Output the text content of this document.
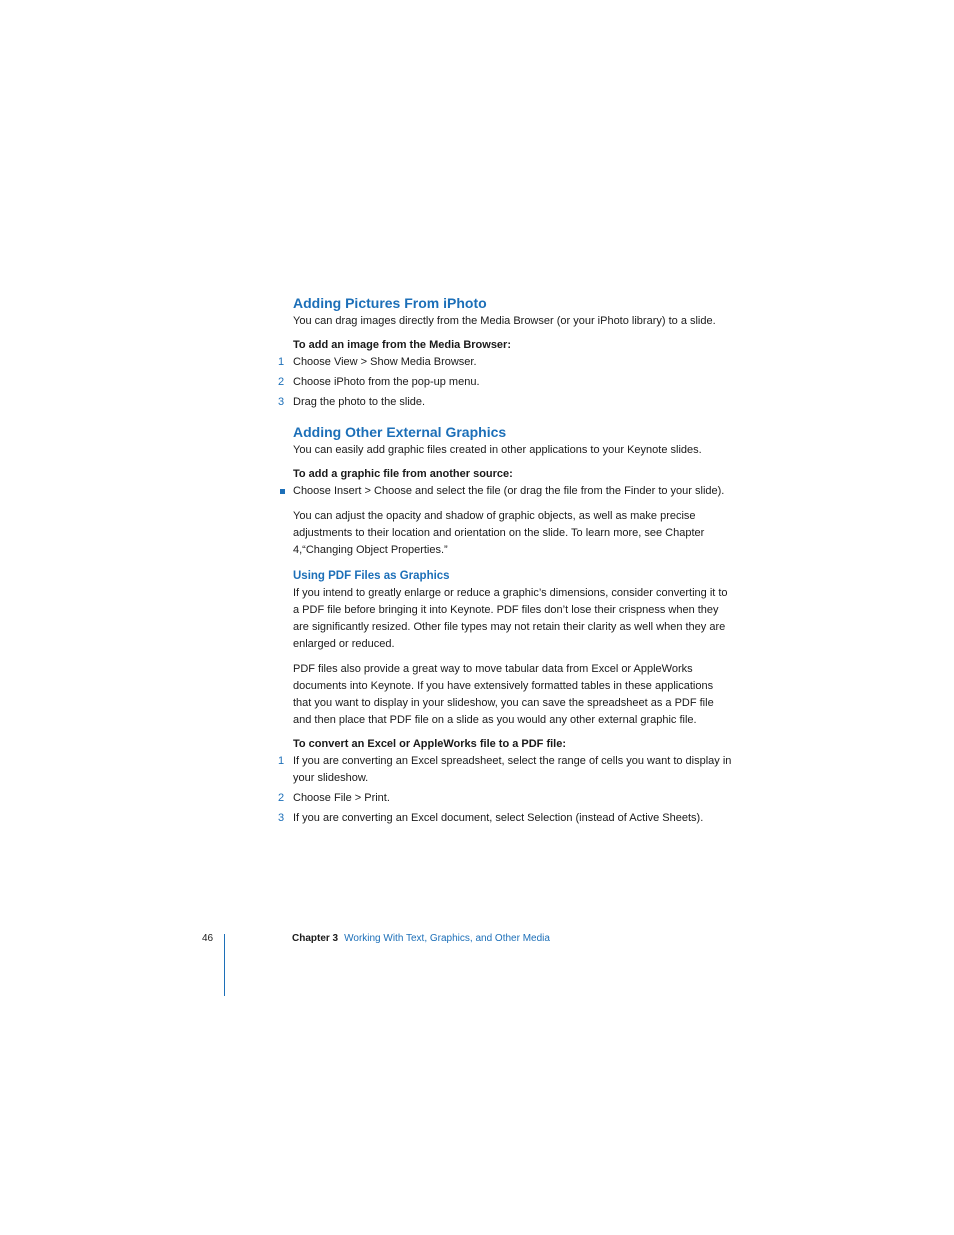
Adding Pictures From iPhoto

You can drag images directly from the Media Browser (or your iPhoto library) to a slide.

To add an image from the Media Browser:

1 Choose View > Show Media Browser.
2 Choose iPhoto from the pop-up menu.
3 Drag the photo to the slide.
Adding Other External Graphics

You can easily add graphic files created in other applications to your Keynote slides.

To add a graphic file from another source:

Choose Insert > Choose and select the file (or drag the file from the Finder to your slide).

You can adjust the opacity and shadow of graphic objects, as well as make precise adjustments to their location and orientation on the slide. To learn more, see Chapter 4,“Changing Object Properties.”

Using PDF Files as Graphics

If you intend to greatly enlarge or reduce a graphic’s dimensions, consider converting it to a PDF file before bringing it into Keynote. PDF files don’t lose their crispness when they are significantly resized. Other file types may not retain their clarity as well when they are enlarged or reduced.

PDF files also provide a great way to move tabular data from Excel or AppleWorks documents into Keynote. If you have extensively formatted tables in these applications that you want to display in your slideshow, you can save the spreadsheet as a PDF file and then place that PDF file on a slide as you would any other external graphic file.

To convert an Excel or AppleWorks file to a PDF file:

1 If you are converting an Excel spreadsheet, select the range of cells you want to display in your slideshow.
2 Choose File > Print.
3 If you are converting an Excel document, select Selection (instead of Active Sheets).
46	Chapter 3 Working With Text, Graphics, and Other Media
